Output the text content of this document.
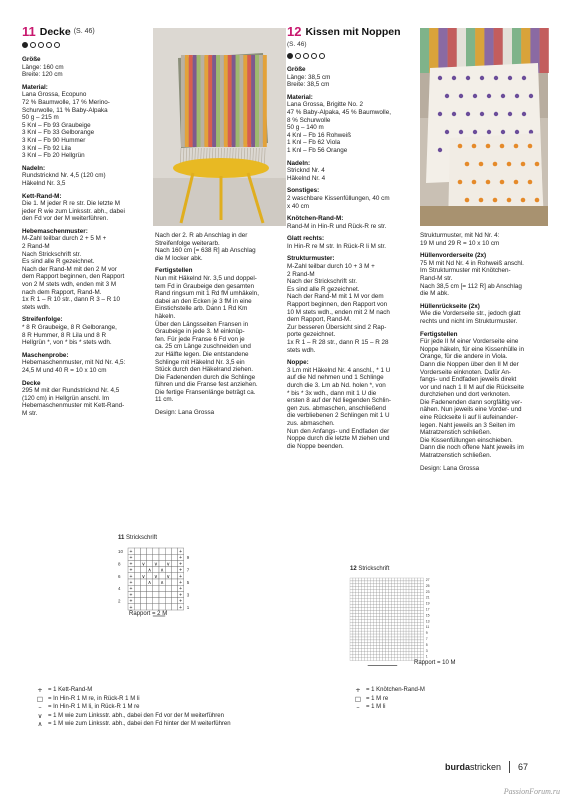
11 Decke (S. 46)

Größe
Länge: 160 cm
Breite: 120 cm

Material:
Lana Grossa, Ecopuno
72 % Baumwolle, 17 % Merino-
Schurwolle, 11 % Baby-Alpaka
50 g – 215 m
5 Knl – Fb 93 Graubeige
3 Knl – Fb 33 Gelborange
3 Knl – Fb 90 Hummer
3 Knl – Fb 92 Lila
3 Knl – Fb 20 Hellgrün

Nadeln:
Rundstricknd Nr. 4,5 (120 cm)
Häkelnd Nr. 3,5

Kett-Rand-M:
Die 1. M jeder R re str. Die letzte M
jeder R wie zum Linksstr. abh., dabei
den Fd vor der M weiterführen.

Hebemaschenmuster:
M-Zahl teilbar durch 2 + 5 M +
2 Rand-M
Nach Strickschrift str.
Es sind alle R gezeichnet.
Nach der Rand-M mit den 2 M vor
dem Rapport beginnen, den Rapport
von 2 M stets wdh, enden mit 3 M
nach dem Rapport, Rand-M.
1x R 1 – R 10 str., dann R 3 – R 10
stets wdh.

Streifenfolge:
* 8 R Graubeige, 8 R Gelborange,
8 R Hummer, 8 R Lila und 8 R
Hellgrün *, von * bis * stets wdh.

Maschenprobe:
Hebemaschenmuster, mit Nd Nr. 4,5:
24,5 M und 40 R = 10 x 10 cm

Decke
295 M mit der Rundstricknd Nr. 4,5
(120 cm) in Hellgrün anschl. Im
Hebemaschenmuster mit Kett-Rand-
M str.

Nach der 2. R ab Anschlag in der
Streifenfolge weiterarb.
Nach 160 cm [= 638 R] ab Anschlag
die M locker abk.

Fertigstellen
Nun mit Häkelnd Nr. 3,5 und doppel-
tem Fd in Graubeige den gesamten
Rand ringsum mit 1 Rd fM umhäkeln,
dabei an den Ecken je 3 fM in eine
Einstichstelle arb. Dann 1 Rd Km
häkeln.
Über den Längsseiten Fransen in
Graubeige in jede 3. M einknüp-
fen. Für jede Franse 6 Fd von je
ca. 25 cm Länge zuschneiden und
zur Hälfte legen. Die entstandene
Schlinge mit Häkelnd Nr. 3,5 ein
Stück durch den Häkelrand ziehen.
Die Fadenenden durch die Schlinge
führen und die Franse fest anziehen.
Die fertige Fransenlänge beträgt ca.
11 cm.

Design: Lana Grossa

12 Kissen mit Noppen
(S. 46)

Größe
Länge: 38,5 cm
Breite: 38,5 cm

Material:
Lana Grossa, Brigitte No. 2
47 % Baby-Alpaka, 45 % Baumwolle,
8 % Schurwolle
50 g – 140 m
4 Knl – Fb 16 Rohweiß
1 Knl – Fb 62 Viola
1 Knl – Fb 56 Orange

Nadeln:
Stricknd Nr. 4
Häkelnd Nr. 4

Sonstiges:
2 waschbare Kissenfüllungen, 40 cm
x 40 cm

Knötchen-Rand-M:
Rand-M in Hin-R und Rück-R re str.

Glatt rechts:
In Hin-R re M str. In Rück-R li M str.

Strukturmuster:
M-Zahl teilbar durch 10 + 3 M +
2 Rand-M
Nach der Strickschrift str.
Es sind alle R gezeichnet.
Nach der Rand-M mit 1 M vor dem
Rapport beginnen, den Rapport von
10 M stets wdh., enden mit 2 M nach
dem Rapport, Rand-M.
Zur besseren Übersicht sind 2 Rap-
porte gezeichnet.
1x R 1 – R 28 str., dann R 15 – R 28
stets wdh.

Noppe:
3 Lm mit Häkelnd Nr. 4 anschl., * 1 U
auf die Nd nehmen und 1 Schlinge
durch die 3. Lm ab Nd. holen *, von
* bis * 3x wdh., dann mit 1 U die
ersten 8 auf der Nd liegenden Schlin-
gen zus. abmaschen, anschließend
die verbliebenen 2 Schlingen mit 1 U
zus. abmaschen.
Nun den Anfangs- und Endfaden der
Noppe durch die letzte M ziehen und
die Noppe beenden.

Strukturmuster, mit Nd Nr. 4:
19 M und 29 R = 10 x 10 cm

Hüllenvorderseite (2x)
75 M mit Nd Nr. 4 in Rohweiß anschl.
Im Strukturmuster mit Knötchen-
Rand-M str.
Nach 38,5 cm [= 112 R] ab Anschlag
die M abk.

Hüllenrückseite (2x)
Wie die Vorderseite str., jedoch glatt
rechts und nicht im Strukturmuster.

Fertigstellen
Für jede II M einer Vorderseite eine
Noppe häkeln, für eine Kissenhülle in
Orange, für die andere in Viola.
Dann die Noppen über den II M der
Vorderseite einknoten. Dafür An-
fangs- und Endfaden jeweils direkt
vor und nach 1 II M auf die Rückseite
durchziehen und dort verknoten.
Die Fadenenden dann sorgfältig ver-
nähen. Nun jeweils eine Vorder- und
eine Rückseite li auf li aufeinander-
legen. Naht jeweils an 3 Seiten im
Matratzenstich schließen.
Die Kissenfüllungen einschieben.
Dann die noch offene Naht jeweils im
Matratzenstich schließen.

Design: Lana Grossa

11 Strickschrift
10
9
8
7
6
5
4
3
2
1
+	+
+	+
+	+
+	+
+	+
+	+
+	+
+	+
+	+
+	+
∨ ∨ ∨
∧ ∧
∨ ∨ ∨
∧ ∧
Rapport = 2 M
12 Strickschrift
27
25
23
21
19
17
15
13
11
9
7
5
3
1
Rapport = 10 M
+ = 1 Kett-Rand-M
□ = In Hin-R 1 M re, in Rück-R 1 M li
–	= In Hin-R 1 M li, in Rück-R 1 M re
∨ = 1 M wie zum Linksstr. abh., dabei den Fd vor der M weiterführen
∧ = 1 M wie zum Linksstr. abh., dabei den Fd hinter der M weiterführen
+ = 1 Knötchen-Rand-M
□ = 1 M re
–	= 1 M li
burdastricken 67
PassionForum.ru
